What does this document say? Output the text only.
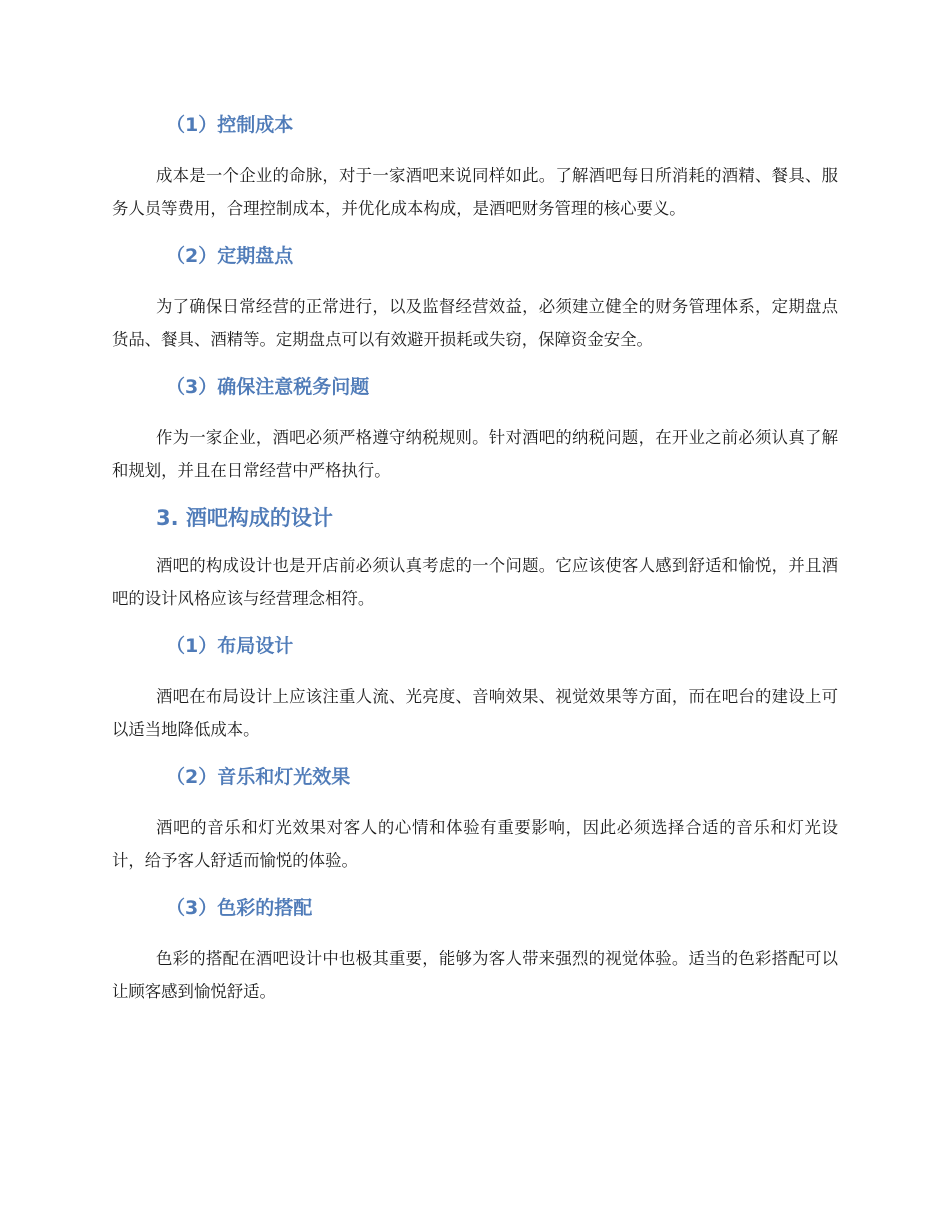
（1）控制成本

成本是一个企业的命脉，对于一家酒吧来说同样如此。了解酒吧每日所消耗的酒精、餐具、服务人员等费用，合理控制成本，并优化成本构成，是酒吧财务管理的核心要义。

（2）定期盘点

为了确保日常经营的正常进行，以及监督经营效益，必须建立健全的财务管理体系，定期盘点货品、餐具、酒精等。定期盘点可以有效避开损耗或失窃，保障资金安全。

（3）确保注意税务问题

作为一家企业，酒吧必须严格遵守纳税规则。针对酒吧的纳税问题，在开业之前必须认真了解和规划，并且在日常经营中严格执行。

3. 酒吧构成的设计

酒吧的构成设计也是开店前必须认真考虑的一个问题。它应该使客人感到舒适和愉悦，并且酒吧的设计风格应该与经营理念相符。

（1）布局设计

酒吧在布局设计上应该注重人流、光亮度、音响效果、视觉效果等方面，而在吧台的建设上可以适当地降低成本。

（2）音乐和灯光效果

酒吧的音乐和灯光效果对客人的心情和体验有重要影响，因此必须选择合适的音乐和灯光设计，给予客人舒适而愉悦的体验。

（3）色彩的搭配

色彩的搭配在酒吧设计中也极其重要，能够为客人带来强烈的视觉体验。适当的色彩搭配可以让顾客感到愉悦舒适。
